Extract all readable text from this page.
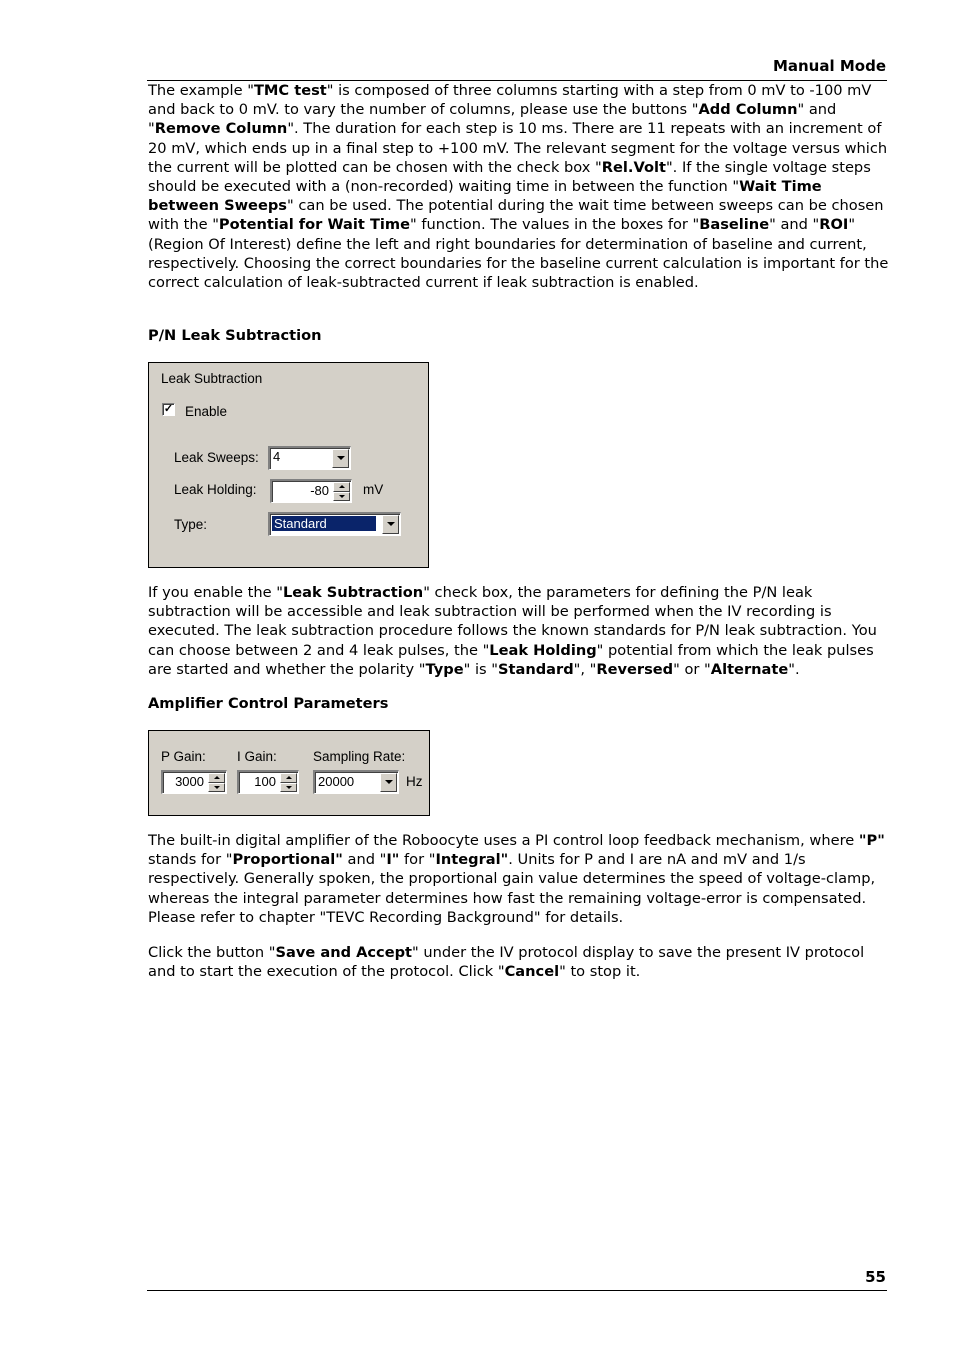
Manual Mode

The example "TMC test" is composed of three columns starting with a step from 0 mV to -100 mV and back to 0 mV. to vary the number of columns, please use the buttons "Add Column" and "Remove Column". The duration for each step is 10 ms. There are 11 repeats with an increment of 20 mV, which ends up in a final step to +100 mV. The relevant segment for the voltage versus which the current will be plotted can be chosen with the check box "Rel.Volt". If the single voltage steps should be executed with a (non-recorded) waiting time in between the function "Wait Time between Sweeps" can be used. The potential during the wait time between sweeps can be chosen with the "Potential for Wait Time" function. The values in the boxes for "Baseline" and "ROI" (Region Of Interest) define the left and right boundaries for determination of baseline and current, respectively. Choosing the correct boundaries for the baseline current calculation is important for the correct calculation of leak-subtracted current if leak subtraction is enabled.

P/N Leak Subtraction
Leak Subtraction
✓ Enable
Leak Sweeps: 4
Leak Holding:	-80	mV
Type:	Standard

If you enable the "Leak Subtraction" check box, the parameters for defining the P/N leak subtraction will be accessible and leak subtraction will be performed when the IV recording is executed. The leak subtraction procedure follows the known standards for P/N leak subtraction. You can choose between 2 and 4 leak pulses, the "Leak Holding" potential from which the leak pulses are started and whether the polarity "Type" is "Standard", "Reversed" or "Alternate".

Amplifier Control Parameters
P Gain: I Gain:	Sampling Rate:
3000	100	20000	Hz

The built-in digital amplifier of the Roboocyte uses a PI control loop feedback mechanism, where "P" stands for "Proportional" and "I" for "Integral". Units for P and I are nA and mV and 1/s respectively. Generally spoken, the proportional gain value determines the speed of voltage-clamp, whereas the integral parameter determines how fast the remaining voltage-error is compensated. Please refer to chapter "TEVC Recording Background" for details.

Click the button "Save and Accept" under the IV protocol display to save the present IV protocol and to start the execution of the protocol. Click "Cancel" to stop it.

55
